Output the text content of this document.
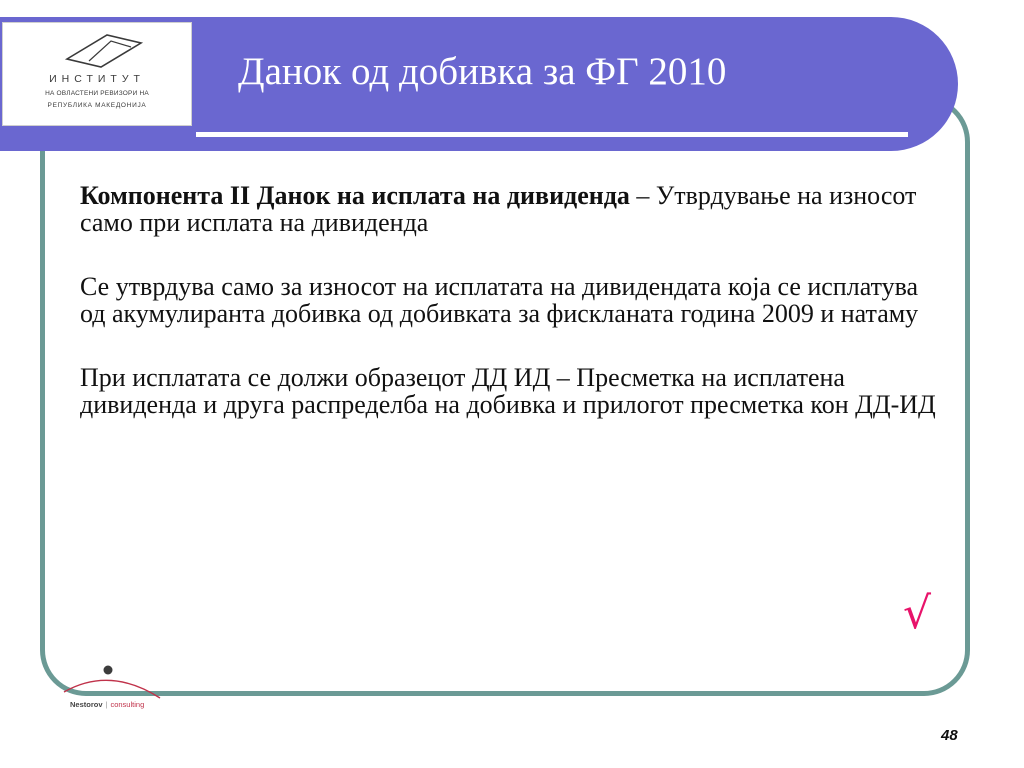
ИНСТИТУТ
НА ОВЛАСТЕНИ РЕВИЗОРИ НА
РЕПУБЛИКА МАКЕДОНИЈА
Данок од добивка за ФГ 2010

Компонента II Данок на исплата на дивиденда – Утврдување на износот само при исплата на дивиденда

Се утврдува само за износот на исплатата на дивидендата која се исплатува од акумулиранта добивка од добивката за фискланата година 2009 и натаму

При исплатата се должи образецот ДД ИД – Пресметка на исплатена дивиденда и друга распределба на добивка и прилогот пресметка кон ДД-ИД

√
Nestorov | consulting
48
